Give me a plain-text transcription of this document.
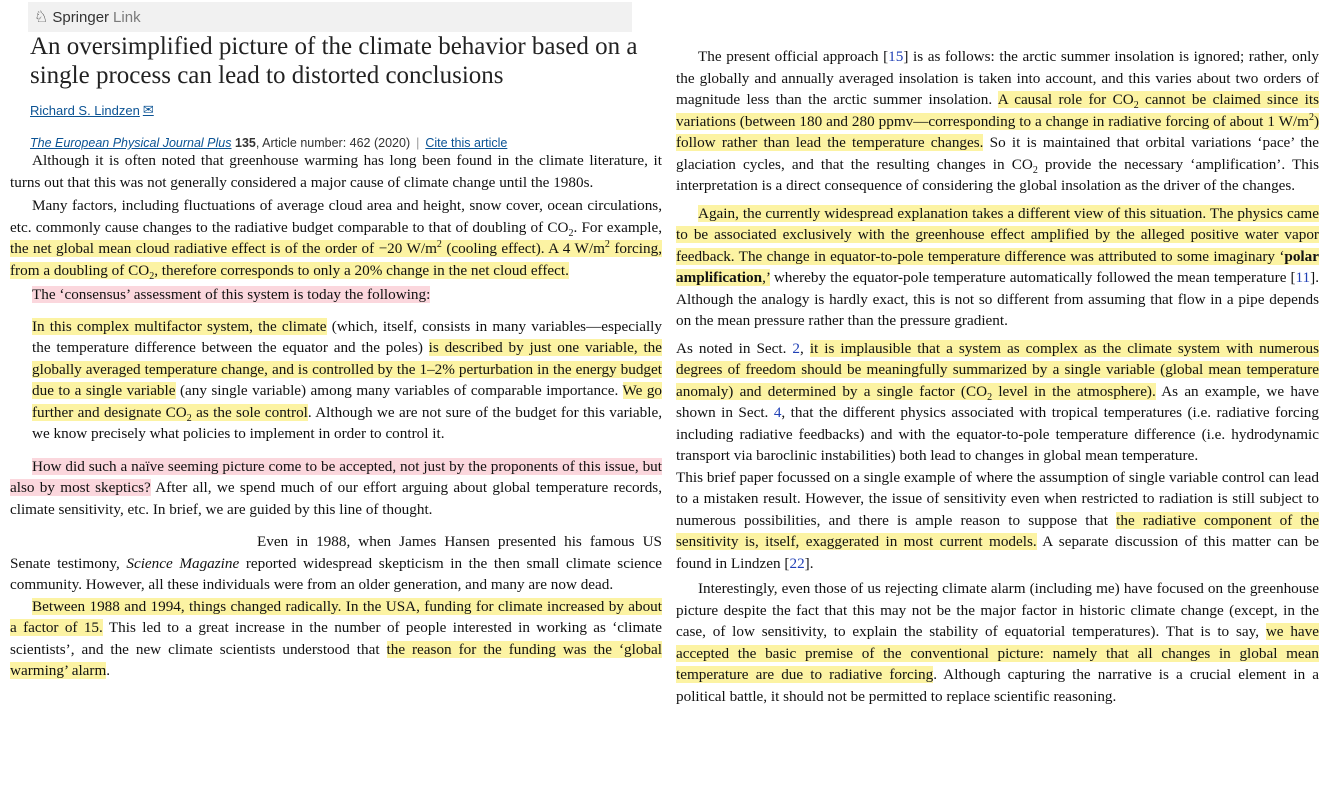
♘ Springer Link
An oversimplified picture of the climate behavior based on a single process can lead to distorted conclusions
Richard S. Lindzen ✉
The European Physical Journal Plus 135, Article number: 462 (2020) | Cite this article

Although it is often noted that greenhouse warming has long been found in the climate literature, it turns out that this was not generally considered a major cause of climate change until the 1980s.

Many factors, including fluctuations of average cloud area and height, snow cover, ocean circulations, etc. commonly cause changes to the radiative budget comparable to that of doubling of $CO_2$. For example, the net global mean cloud radiative effect is of the order of −20 $W/m^2$ (cooling effect). A 4 $W/m^2$ forcing, from a doubling of $CO_2$, therefore corresponds to only a 20% change in the net cloud effect.

The ‘consensus’ assessment of this system is today the following:

In this complex multifactor system, the climate (which, itself, consists in many variables—especially the temperature difference between the equator and the poles) is described by just one variable, the globally averaged temperature change, and is controlled by the 1–2% perturbation in the energy budget due to a single variable (any single variable) among many variables of comparable importance. We go further and designate $CO_2$ as the sole control. Although we are not sure of the budget for this variable, we know precisely what policies to implement in order to control it.

How did such a naïve seeming picture come to be accepted, not just by the proponents of this issue, but also by most skeptics? After all, we spend much of our effort arguing about global temperature records, climate sensitivity, etc. In brief, we are guided by this line of thought.

Even in 1988, when James Hansen presented his famous US Senate testimony, Science Magazine reported widespread skepticism in the then small climate science community. However, all these individuals were from an older generation, and many are now dead.

Between 1988 and 1994, things changed radically. In the USA, funding for climate increased by about a factor of 15. This led to a great increase in the number of people interested in working as ‘climate scientists’, and the new climate scientists understood that the reason for the funding was the ‘global warming’ alarm.

The present official approach [15] is as follows: the arctic summer insolation is ignored; rather, only the globally and annually averaged insolation is taken into account, and this varies about two orders of magnitude less than the arctic summer insolation. A causal role for $CO_2$ cannot be claimed since its variations (between 180 and 280 ppmv—corresponding to a change in radiative forcing of about 1 $W/m^2$) follow rather than lead the temperature changes. So it is maintained that orbital variations ‘pace’ the glaciation cycles, and that the resulting changes in $CO_2$ provide the necessary ‘amplification’. This interpretation is a direct consequence of considering the global insolation as the driver of the changes.

Again, the currently widespread explanation takes a different view of this situation. The physics came to be associated exclusively with the greenhouse effect amplified by the alleged positive water vapor feedback. The change in equator-to-pole temperature difference was attributed to some imaginary ‘polar amplification,’ whereby the equator-pole temperature automatically followed the mean temperature [11]. Although the analogy is hardly exact, this is not so different from assuming that flow in a pipe depends on the mean pressure rather than the pressure gradient.

As noted in Sect. 2, it is implausible that a system as complex as the climate system with numerous degrees of freedom should be meaningfully summarized by a single variable (global mean temperature anomaly) and determined by a single factor ($CO_2$ level in the atmosphere). As an example, we have shown in Sect. 4, that the different physics associated with tropical temperatures (i.e. radiative forcing including radiative feedbacks) and with the equator-to-pole temperature difference (i.e. hydrodynamic transport via baroclinic instabilities) both lead to changes in global mean temperature.

This brief paper focussed on a single example of where the assumption of single variable control can lead to a mistaken result. However, the issue of sensitivity even when restricted to radiation is still subject to numerous possibilities, and there is ample reason to suppose that the radiative component of the sensitivity is, itself, exaggerated in most current models. A separate discussion of this matter can be found in Lindzen [22].

Interestingly, even those of us rejecting climate alarm (including me) have focused on the greenhouse picture despite the fact that this may not be the major factor in historic climate change (except, in the case, of low sensitivity, to explain the stability of equatorial temperatures). That is to say, we have accepted the basic premise of the conventional picture: namely that all changes in global mean temperature are due to radiative forcing. Although capturing the narrative is a crucial element in a political battle, it should not be permitted to replace scientific reasoning.
